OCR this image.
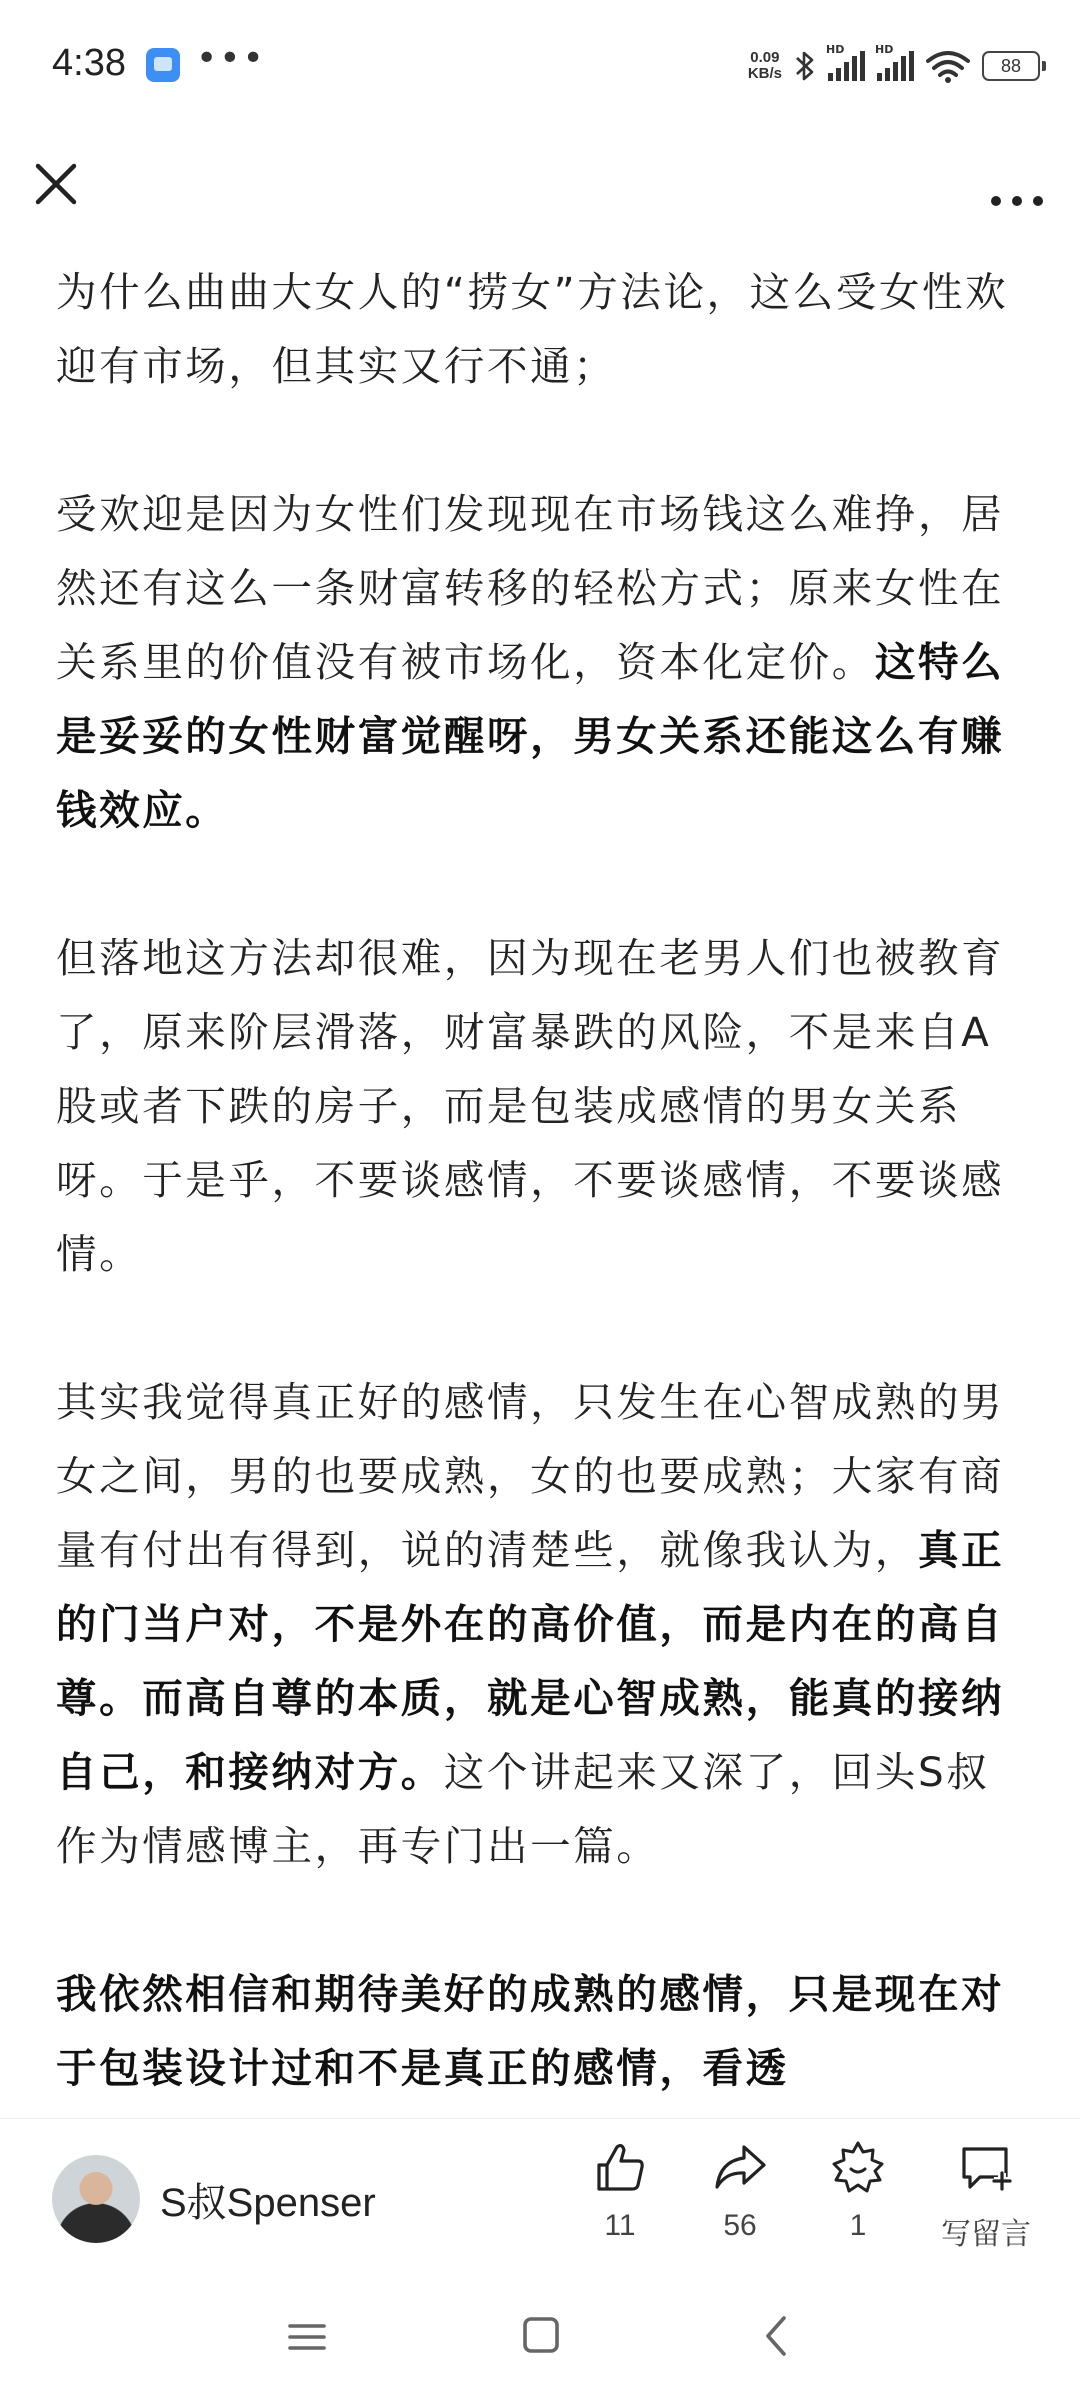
4:38 •••	0.09
KB/s
HD	HD
88

为什么曲曲大女人的“捞女”方法论，这么受女性欢迎有市场，但其实又行不通；

受欢迎是因为女性们发现现在市场钱这么难挣，居然还有这么一条财富转移的轻松方式；原来女性在关系里的价值没有被市场化，资本化定价。这特么是妥妥的女性财富觉醒呀，男女关系还能这么有赚钱效应。

但落地这方法却很难，因为现在老男人们也被教育了，原来阶层滑落，财富暴跌的风险，不是来自A股或者下跌的房子，而是包装成感情的男女关系呀。于是乎，不要谈感情，不要谈感情，不要谈感情。

其实我觉得真正好的感情，只发生在心智成熟的男女之间，男的也要成熟，女的也要成熟；大家有商量有付出有得到，说的清楚些，就像我认为，真正的门当户对，不是外在的高价值，而是内在的高自尊。而高自尊的本质，就是心智成熟，能真的接纳自己，和接纳对方。这个讲起来又深了，回头S叔作为情感博主，再专门出一篇。

我依然相信和期待美好的成熟的感情，只是现在对于包装设计过和不是真正的感情，看透

S叔Spenser
11	56	1	写留言
